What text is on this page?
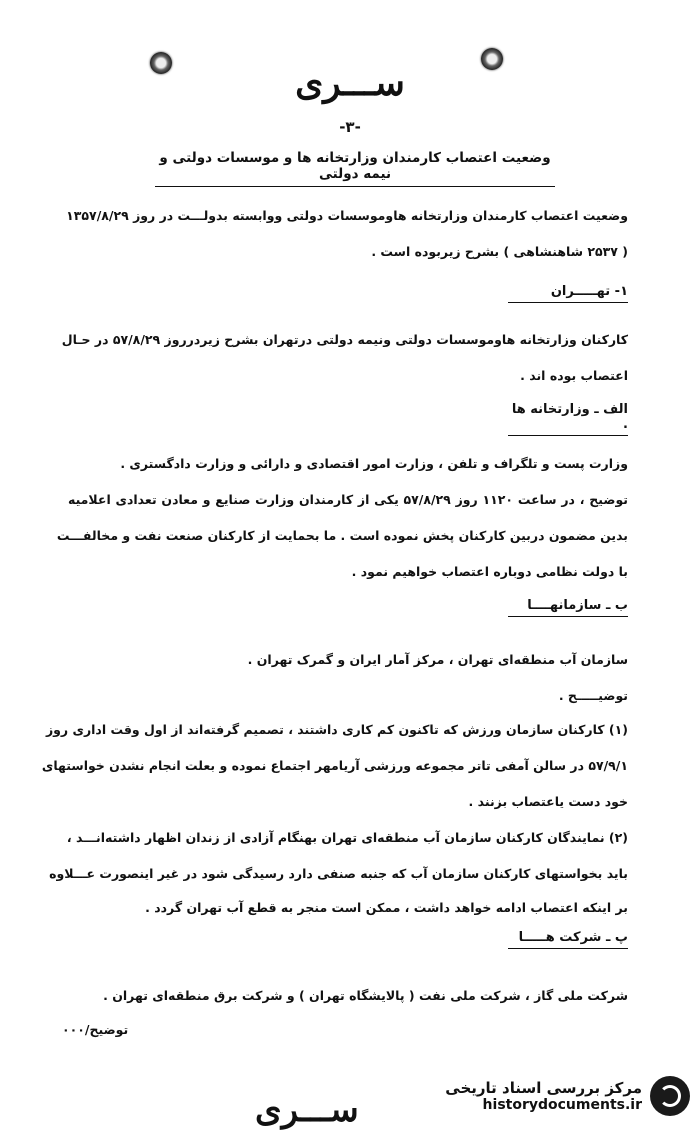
ســـری
-۳-
وضعیت اعتصاب کارمندان وزارتخانه ها و موسسات دولتی و نیمه دولتی
وضعیت اعتصاب کارمندان وزارتخانه هاوموسسات دولتی ووابسته بدولـــت در روز ۱۳۵۷/۸/۲۹
( ۲۵۳۷ شاهنشاهی ) بشرح زیربوده است .
۱- تهـــــران
کارکنان وزارتخانه هاوموسسات دولتی ونیمه دولتی درتهران بشرح زیردرروز ۵۷/۸/۲۹ در حـال
اعتصاب بوده اند .
الف ـ وزارتخانه ها .
وزارت پست و تلگراف و تلفن ، وزارت امور اقتصادی و دارائی و وزارت دادگستری .
توضیح ، در ساعت ۱۱۲۰ روز ۵۷/۸/۲۹ یکی از کارمندان وزارت صنایع و معادن تعدادی اعلامیه
بدین مضمون دربین کارکنان پخش نموده است . ما بحمایت از کارکنان صنعت نفت و مخالفـــت
با دولت نظامی دوباره اعتصاب خواهیم نمود .
ب ـ سازمانهــــا
سازمان آب منطقه‌ای تهران ، مرکز آمار ایران و گمرک تهران .
توضیـــــح .
(۱) کارکنان سازمان ورزش که تاکنون کم کاری داشتند ، تصمیم گرفته‌اند از اول وقت اداری روز
۵۷/۹/۱ در سالن آمفی تاتر مجموعه ورزشی آریامهر اجتماع نموده و بعلت انجام نشدن خواستهای
خود دست یاعتصاب بزنند .
(۲) نمایندگان کارکنان سازمان آب منطقه‌ای تهران بهنگام آزادی از زندان اظهار داشته‌انـــد ،
باید بخواستهای کارکنان سازمان آب که جنبه صنفی دارد رسیدگی شود در غیر اینصورت عـــلاوه
بر اینکه اعتصاب ادامه خواهد داشت ، ممکن است منجر به قطع آب تهران گردد .
پ ـ شرکت هـــــا
شرکت ملی گاز ، شرکت ملی نفت ( پالایشگاه تهران ) و شرکت برق منطقه‌ای تهران .
توضیح/۰۰۰
ســـری
مرکز بررسی اسناد تاریخی
historydocuments.ir
